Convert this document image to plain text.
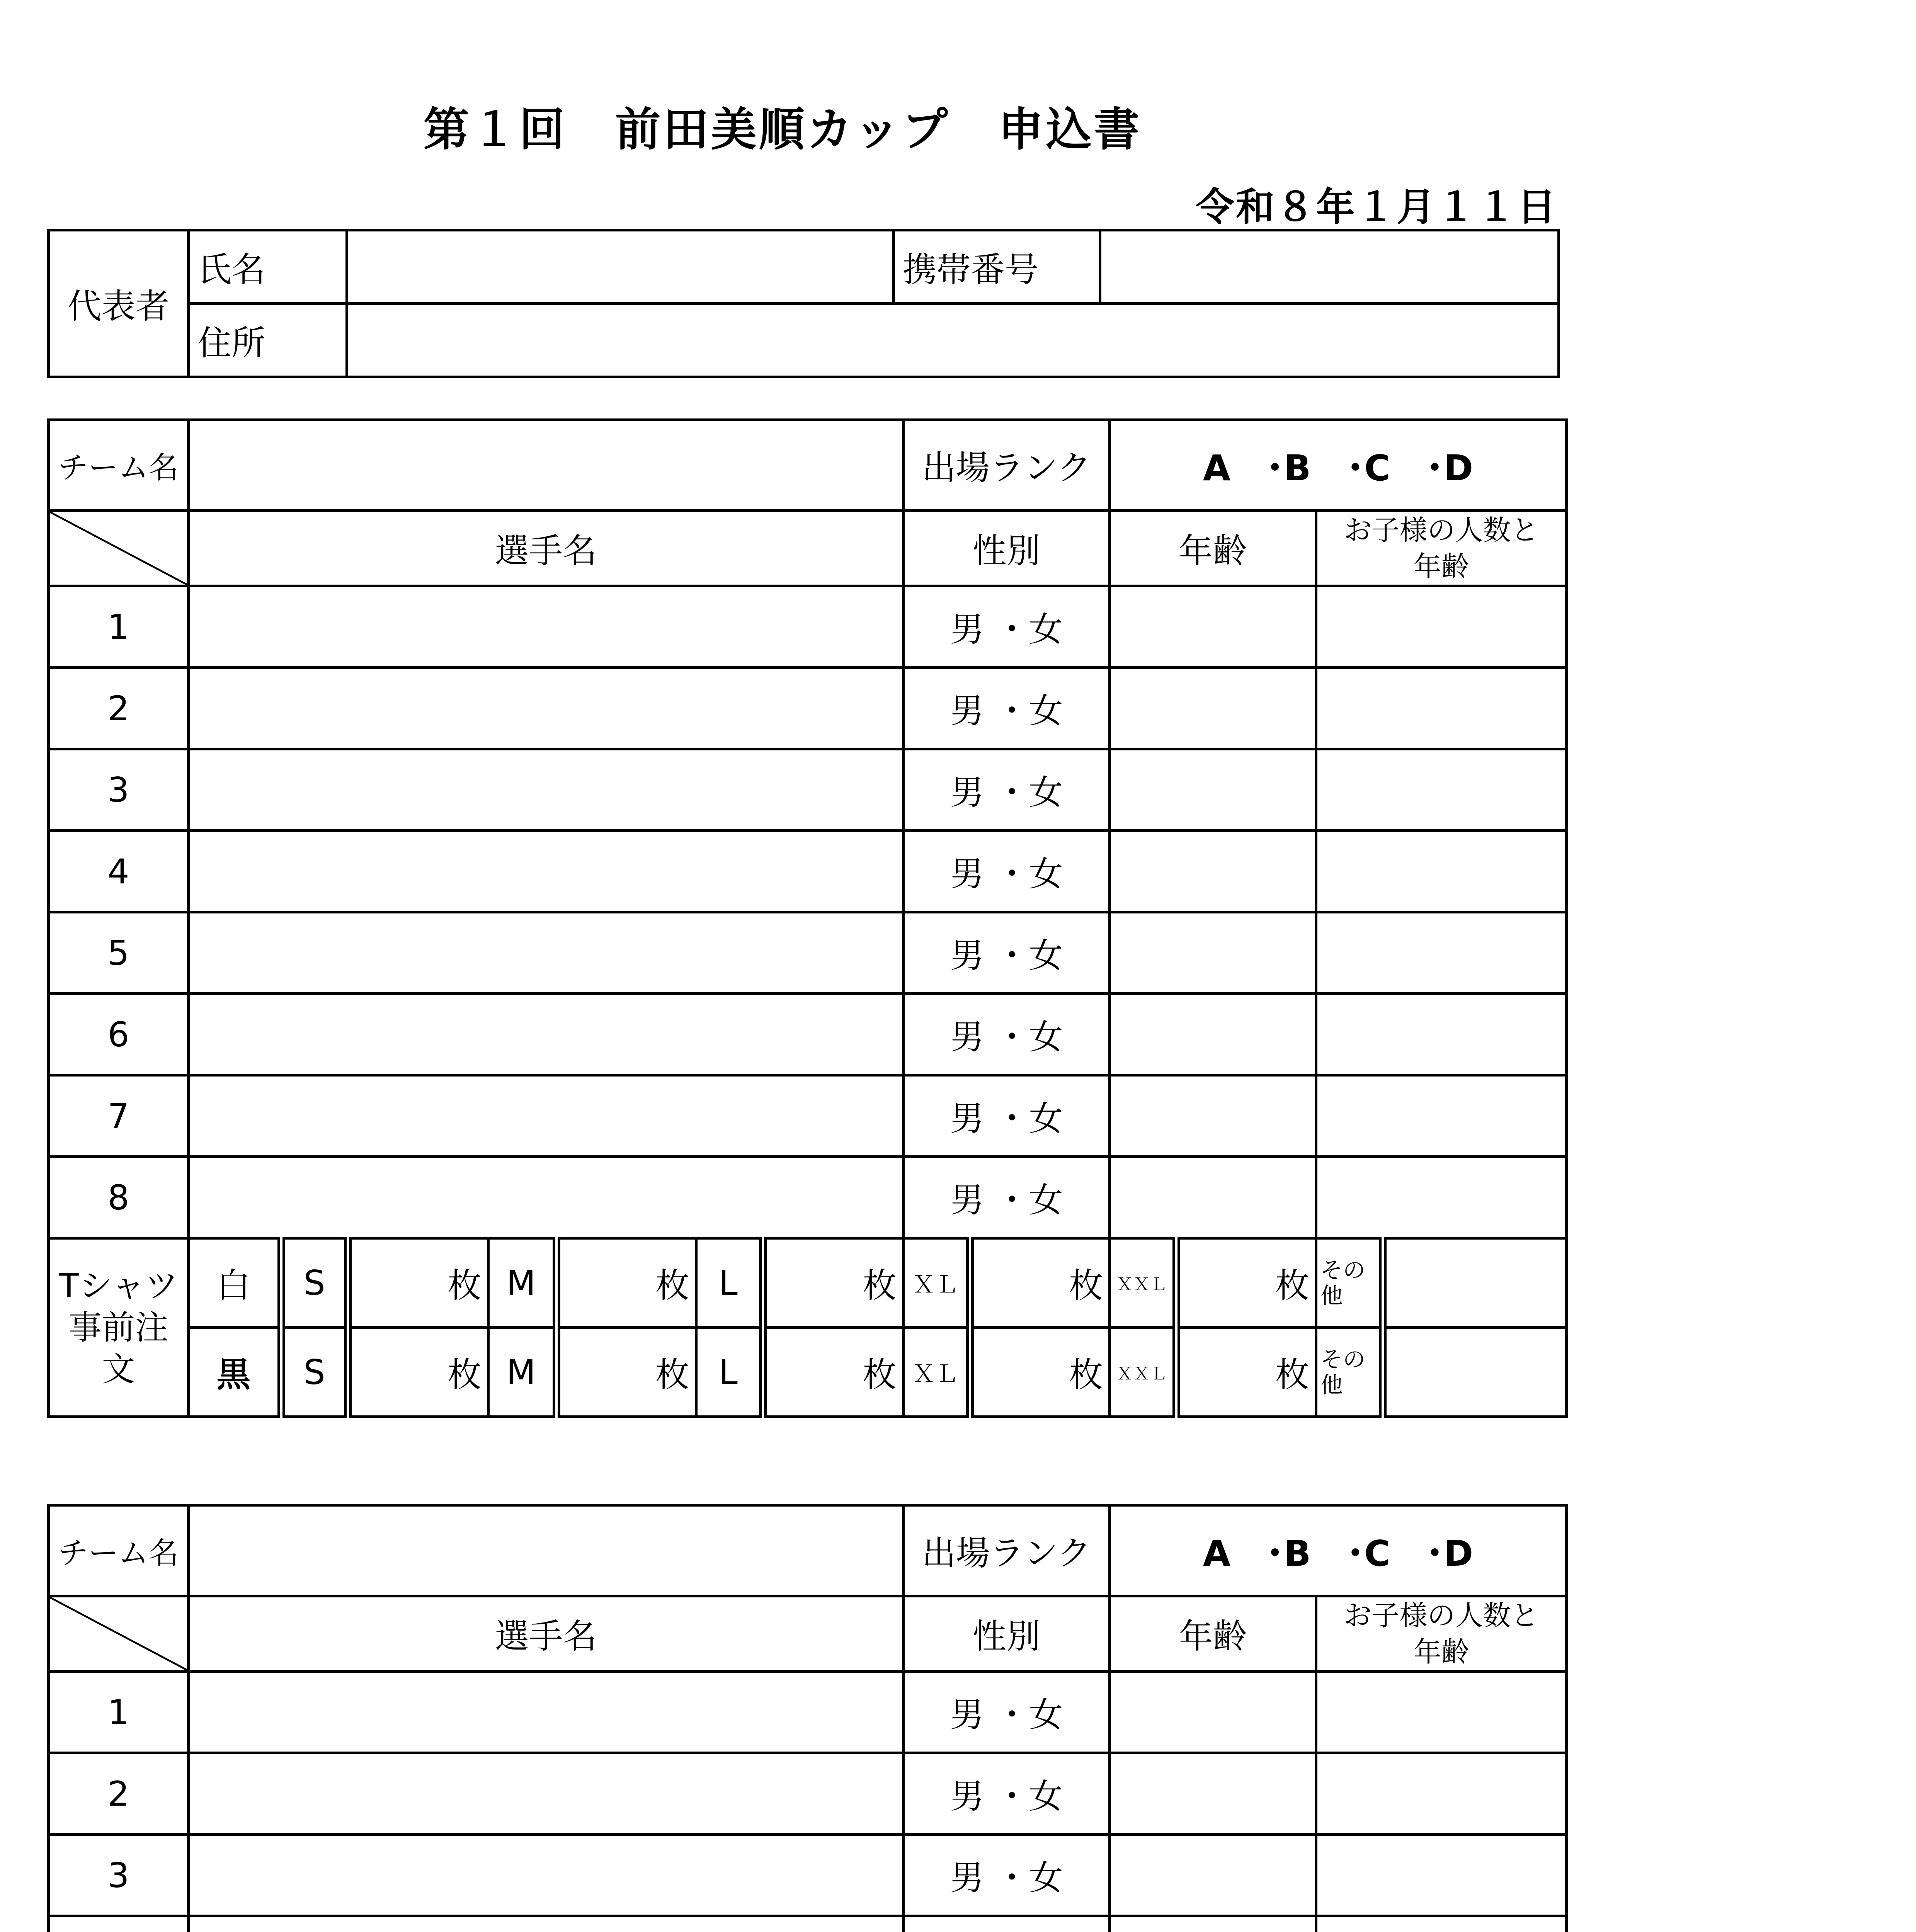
第１回　前田美順カップ　申込書
令和８年１月１１日
代表者	氏名		携帯番号	
	住所			
チーム名								出場ランク		A　･B　･C　･D			

	選手名							性別		年齢		お子様の人数と
年齢	
1								男 ・女					
2								男 ・女					
3								男 ・女					
4								男 ・女					
5								男 ・女					
6								男 ・女					
7								男 ・女					
8								男 ・女					
Tシャツ
事前注
文	白	S	枚	M	枚	L	枚	ＸＬ	枚	ＸＸＬ	枚	その
他	
	黒	S	枚	M	枚	L	枚	ＸＬ	枚	ＸＸＬ	枚	その
他	
チーム名								出場ランク		A　･B　･C　･D			

	選手名							性別		年齢		お子様の人数と
年齢	
1								男 ・女					
2								男 ・女					
3								男 ・女					
